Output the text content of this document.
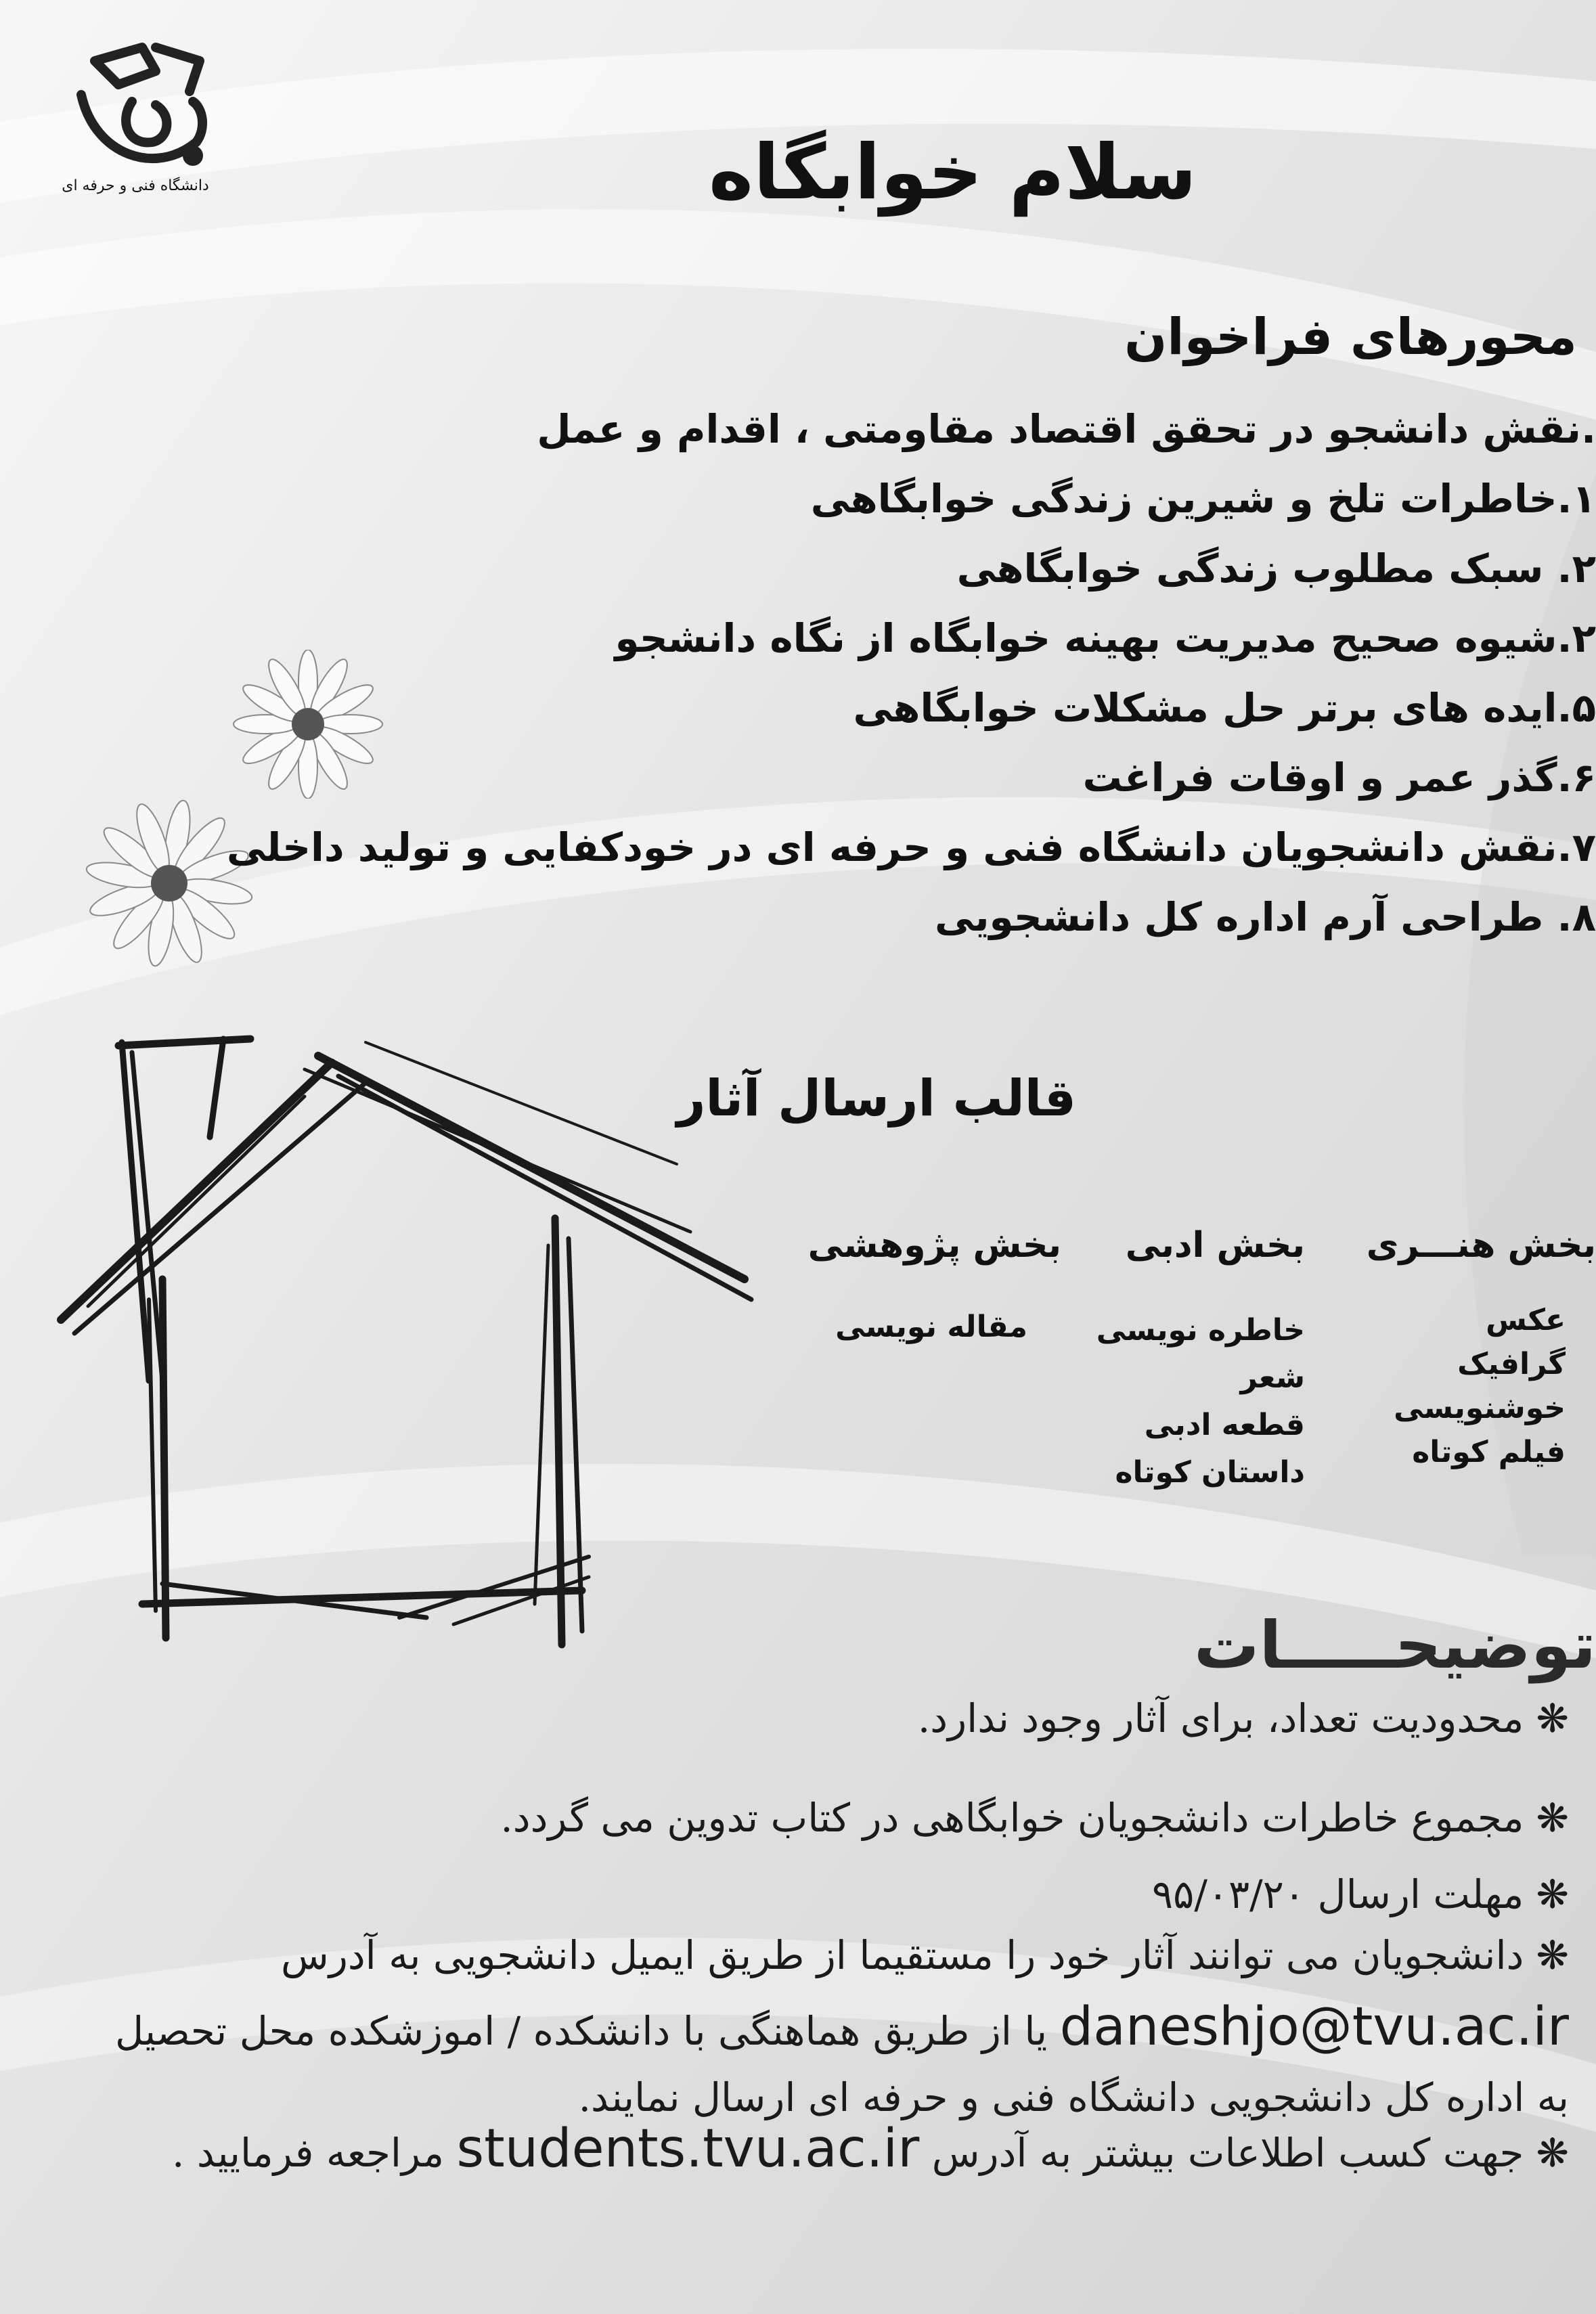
دانشگاه فنی و حرفه ای	سلام خوابگاه
محورهای فراخوان
.نقش دانشجو در تحقق اقتصاد مقاومتی ، اقدام و عمل
۱.خاطرات تلخ و شیرین زندگی خوابگاهی
۲. سبک مطلوب زندگی خوابگاهی
۲.شیوه صحیح مدیریت بهینه خوابگاه از نگاه دانشجو
۵.ایده های برتر حل مشکلات خوابگاهی
۶.گذر عمر و اوقات فراغت
۷.نقش دانشجویان دانشگاه فنی و حرفه ای در خودکفایی و تولید داخلی
۸. طراحی آرم اداره کل دانشجویی
قالب ارسال آثار
بخش هنـــری
عکس
گرافیک
خوشنویسی
فیلم کوتاه
بخش ادبی
خاطره نویسی
شعر
قطعه ادبی
داستان کوتاه
بخش پژوهشی
مقاله نویسی
توضیحـــــات
❋محدودیت تعداد، برای آثار وجود ندارد.
❋مجموع خاطرات دانشجویان خوابگاهی در کتاب تدوین می گردد.
❋مهلت ارسال ۹۵/۰۳/۲۰
❋دانشجویان می توانند آثار خود را مستقیما از طریق ایمیل دانشجویی به آدرس
daneshjo@tvu.ac.ir یا از طریق هماهنگی با دانشکده / اموزشکده محل تحصیل
به اداره کل دانشجویی دانشگاه فنی و حرفه ای ارسال نمایند.
❋جهت کسب اطلاعات بیشتر به آدرس students.tvu.ac.ir مراجعه فرمایید .
